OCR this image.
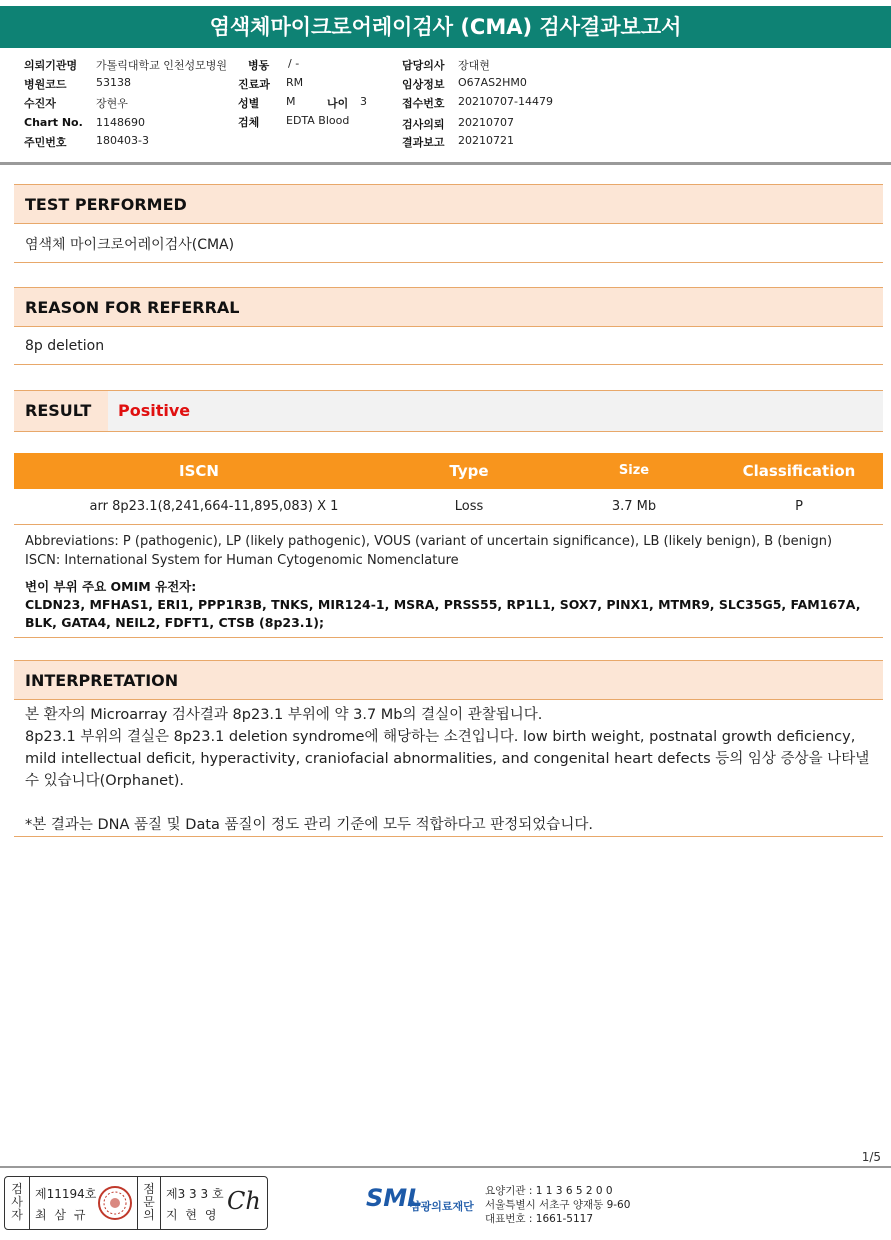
염색체마이크로어레이검사 (CMA) 검사결과보고서
의뢰기관명 가톨릭대학교 인천성모병원 병동 / -	담당의사 장대현
병원코드	53138	진료과 RM	임상정보 O67AS2HM0
수진자	장현우	성별 M	나이 3	접수번호 20210707-14479
Chart No. 1148690	검체 EDTA Blood	검사의뢰 20210707
주민번호	180403-3	결과보고 20210721
TEST PERFORMED
염색체 마이크로어레이검사(CMA)
REASON FOR REFERRAL
8p deletion
RESULT	Positive
ISCN	Type	Size	Classification
arr 8p23.1(8,241,664-11,895,083) X 1	Loss	3.7 Mb	P
Abbreviations: P (pathogenic), LP (likely pathogenic), VOUS (variant of uncertain significance), LB (likely benign), B (benign)
ISCN: International System for Human Cytogenomic Nomenclature
변이 부위 주요 OMIM 유전자:
CLDN23, MFHAS1, ERI1, PPP1R3B, TNKS, MIR124-1, MSRA, PRSS55, RP1L1, SOX7, PINX1, MTMR9, SLC35G5, FAM167A,
BLK, GATA4, NEIL2, FDFT1, CTSB (8p23.1);
INTERPRETATION
본 환자의 Microarray 검사결과 8p23.1 부위에 약 3.7 Mb의 결실이 관찰됩니다.
8p23.1 부위의 결실은 8p23.1 deletion syndrome에 해당하는 소견입니다. low birth weight, postnatal growth deficiency, mild intellectual deficit, hyperactivity, craniofacial abnormalities, and congenital heart defects 등의 임상 증상을 나타낼 수 있습니다(Orphanet).
*본 결과는 DNA 품질 및 Data 품질이 정도 관리 기준에 모두 적합하다고 판정되었습니다.
1/5
검사자
제11194호
최 삼 규
점문의
제3 3 3 호
지 현 영 Ch	SML
삼광의료재단
요양기관 : 1 1 3 6 5 2 0 0
서울특별시 서초구 양재동 9-60
대표번호 : 1661-5117
